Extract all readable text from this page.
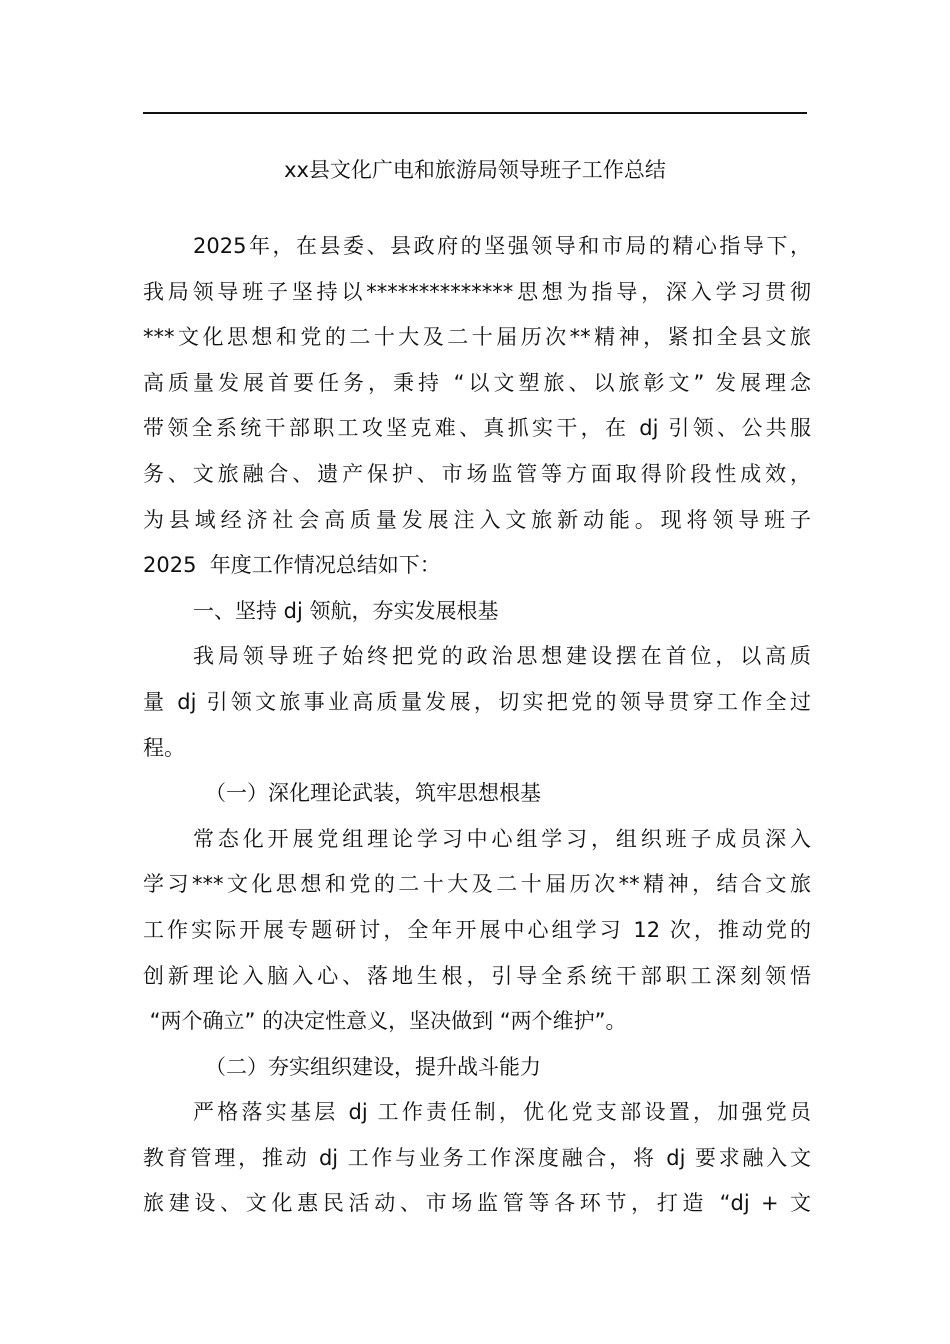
xx县文化广电和旅游局领导班子工作总结
2025年，在县委、县政府的坚强领导和市局的精心指导下，
我局领导班子坚持以**************思想为指导，深入学习贯彻
***文化思想和党的二十大及二十届历次**精神，紧扣全县文旅
高质量发展首要任务，秉持 “以文塑旅、以旅彰文” 发展理念
带领全系统干部职工攻坚克难、真抓实干，在 dj 引领、公共服
务、文旅融合、遗产保护、市场监管等方面取得阶段性成效，
为县域经济社会高质量发展注入文旅新动能。现将领导班子
2025  年度工作情况总结如下：
一、坚持 dj 领航，夯实发展根基
我局领导班子始终把党的政治思想建设摆在首位，以高质
量 dj 引领文旅事业高质量发展，切实把党的领导贯穿工作全过
程。
（一）深化理论武装，筑牢思想根基
常态化开展党组理论学习中心组学习，组织班子成员深入
学习***文化思想和党的二十大及二十届历次**精神，结合文旅
工作实际开展专题研讨，全年开展中心组学习 12 次，推动党的
创新理论入脑入心、落地生根，引导全系统干部职工深刻领悟
“两个确立” 的决定性意义，坚决做到 “两个维护”。
（二）夯实组织建设，提升战斗能力
严格落实基层 dj 工作责任制，优化党支部设置，加强党员
教育管理，推动 dj 工作与业务工作深度融合，将 dj 要求融入文
旅建设、文化惠民活动、市场监管等各环节，打造 “dj + 文
